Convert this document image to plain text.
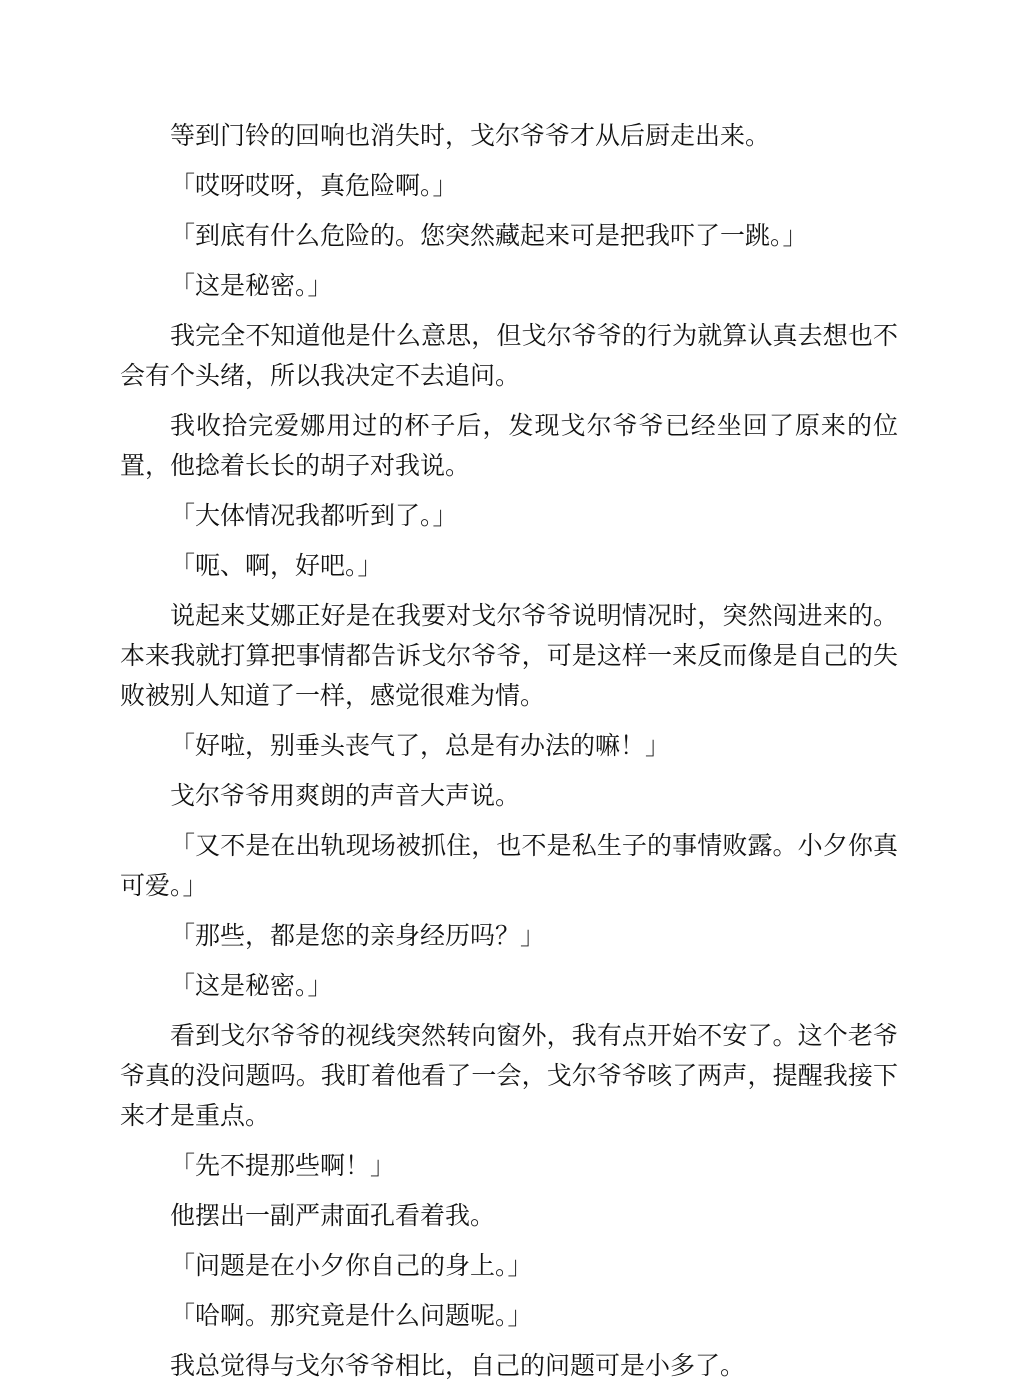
等到门铃的回响也消失时，戈尔爷爷才从后厨走出来。

「哎呀哎呀，真危险啊。」

「到底有什么危险的。您突然藏起来可是把我吓了一跳。」

「这是秘密。」

我完全不知道他是什么意思，但戈尔爷爷的行为就算认真去想也不会有个头绪，所以我决定不去追问。

我收拾完爱娜用过的杯子后，发现戈尔爷爷已经坐回了原来的位置，他捻着长长的胡子对我说。

「大体情况我都听到了。」

「呃、啊，好吧。」

说起来艾娜正好是在我要对戈尔爷爷说明情况时，突然闯进来的。本来我就打算把事情都告诉戈尔爷爷，可是这样一来反而像是自己的失败被别人知道了一样，感觉很难为情。

「好啦，别垂头丧气了，总是有办法的嘛！」

戈尔爷爷用爽朗的声音大声说。

「又不是在出轨现场被抓住，也不是私生子的事情败露。小夕你真可爱。」

「那些，都是您的亲身经历吗？」

「这是秘密。」

看到戈尔爷爷的视线突然转向窗外，我有点开始不安了。这个老爷爷真的没问题吗。我盯着他看了一会，戈尔爷爷咳了两声，提醒我接下来才是重点。

「先不提那些啊！」

他摆出一副严肃面孔看着我。

「问题是在小夕你自己的身上。」

「哈啊。那究竟是什么问题呢。」

我总觉得与戈尔爷爷相比，自己的问题可是小多了。
